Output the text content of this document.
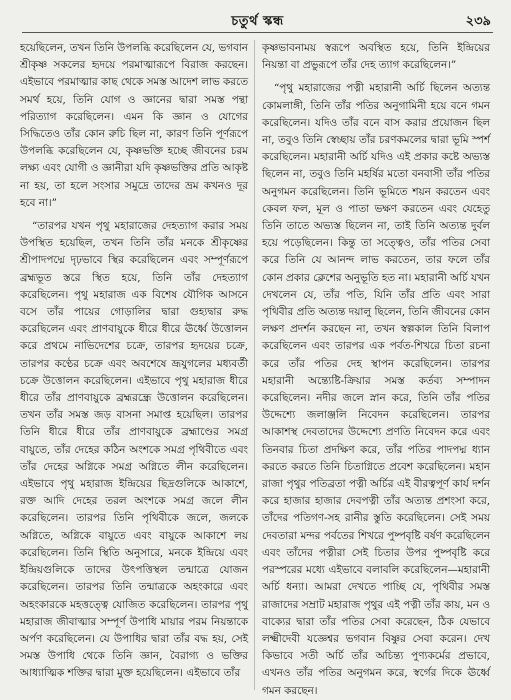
চতুর্থ স্কন্ধ	২৩৯

হয়েছিলেন, তখন তিনি উপলব্ধি করেছিলেন যে, ভগবান শ্রীকৃষ্ণ সকলের হৃদয়ে পরমাত্মারূপে বিরাজ করছেন। এইভাবে পরমাত্মার কাছ থেকে সমস্ত আদেশ লাভ করতে সমর্থ হয়ে, তিনি যোগ ও জ্ঞানের দ্বারা সমস্ত পন্থা পরিত্যাগ করেছিলেন। এমন কি জ্ঞান ও যোগের সিদ্ধিতেও তাঁর কোন রুচি ছিল না, কারণ তিনি পূর্ণরূপে উপলব্ধি করেছিলেন যে, কৃষ্ণভক্তি হচ্ছে জীবনের চরম লক্ষ্য এবং যোগী ও জ্ঞানীরা যদি কৃষ্ণভক্তির প্রতি আকৃষ্ট না হয়, তা হলে সংসার সমুদ্রে তাদের ভ্রম কখনও দূর হবে না।”

“তারপর যখন পৃথু মহারাজের দেহত্যাগ করার সময় উপস্থিত হয়েছিল, তখন তিনি তাঁর মনকে শ্রীকৃষ্ণের শ্রীপাদপদ্মে দৃঢ়ভাবে স্থির করেছিলেন এবং সম্পূর্ণরূপে ব্রহ্মভূত স্তরে স্থিত হয়ে, তিনি তাঁর দেহত্যাগ করেছিলেন। পৃথু মহারাজ এক বিশেষ যৌগিক আসনে বসে তাঁর পায়ের গোড়ালির দ্বারা গুহ্যদ্বার রুদ্ধ করেছিলেন এবং প্রাণবায়ুকে ধীরে ধীরে ঊর্ধ্বে উত্তোলন করে প্রথমে নাভিদেশের চক্রে, তারপর হৃদয়ের চক্রে, তারপর কণ্ঠের চক্রে এবং অবশেষে ভ্রূযুগলের মধ্যবর্তী চক্রে উত্তোলন করেছিলেন। এইভাবে পৃথু মহারাজ ধীরে ধীরে তাঁর প্রাণবায়ুকে ব্রহ্মরন্ধ্রে উত্তোলন করেছিলেন। তখন তাঁর সমস্ত জড় বাসনা সমাপ্ত হয়েছিল। তারপর তিনি ধীরে ধীরে তাঁর প্রাণবায়ুকে ব্রহ্মাণ্ডের সমগ্র বায়ুতে, তাঁর দেহের কঠিন অংশকে সমগ্র পৃথিবীতে এবং তাঁর দেহের অগ্নিকে সমগ্র অগ্নিতে লীন করেছিলেন। এইভাবে পৃথু মহারাজ ইন্দ্রিয়ের ছিদ্রগুলিকে আকাশে, রক্ত আদি দেহের তরল অংশকে সমগ্র জলে লীন করেছিলেন। তারপর তিনি পৃথিবীকে জলে, জলকে অগ্নিতে, অগ্নিকে বায়ুতে এবং বায়ুকে আকাশে লয় করেছিলেন। তিনি স্থিতি অনুসারে, মনকে ইন্দ্রিয়ে এবং ইন্দ্রিয়গুলিকে তাদের উৎপত্তিস্থল তন্মাত্রে যোজন করেছিলেন। তারপর তিনি তন্মাত্রকে অহংকারে এবং অহংকারকে মহত্তত্ত্বে যোজিত করেছিলেন। তারপর পৃথু মহারাজ জীবাত্মার সম্পূর্ণ উপাধি মায়ার পরম নিয়ন্তাকে অর্পণ করেছিলেন। যে উপাধির দ্বারা তাঁর বদ্ধ হয়, সেই সমস্ত উপাধি থেকে তিনি জ্ঞান, বৈরাগ্য ও ভক্তির আধ্যাত্মিক শক্তির দ্বারা মুক্ত হয়েছিলেন। এইভাবে তাঁর

কৃষ্ণভাবনাময় স্বরূপে অবস্থিত হয়ে, তিনি ইন্দ্রিয়ের নিয়ন্তা বা প্রভুরূপে তাঁর দেহ ত্যাগ করেছিলেন।”

“পৃথু মহারাজের পত্নী মহারানী অর্চি ছিলেন অত্যন্ত কোমলাঙ্গী, তিনি তাঁর পতির অনুগামিনী হয়ে বনে গমন করেছিলেন। যদিও তাঁর বনে বাস করার প্রয়োজন ছিল না, তবুও তিনি স্বেচ্ছায় তাঁর চরণকমলের দ্বারা ভূমি স্পর্শ করেছিলেন। মহারানী অর্চি যদিও এই প্রকার কষ্টে অভ্যস্ত ছিলেন না, তবুও তিনি মহর্ষির মতো বনবাসী তাঁর পতির অনুগমন করেছিলেন। তিনি ভূমিতে শয়ন করতেন এবং কেবল ফল, মূল ও পাতা ভক্ষণ করতেন এবং যেহেতু তিনি তাতে অভ্যস্ত ছিলেন না, তাই তিনি অত্যন্ত দুর্বল হয়ে পড়েছিলেন। কিন্তু তা সত্ত্বেও, তাঁর পতির সেবা করে তিনি যে আনন্দ লাভ করতেন, তার ফলে তাঁর কোন প্রকার ক্লেশের অনুভূতি হত না। মহারানী অর্চি যখন দেখলেন যে, তাঁর পতি, যিনি তাঁর প্রতি এবং সারা পৃথিবীর প্রতি অত্যন্ত দয়ালু ছিলেন, তিনি জীবনের কোন লক্ষণ প্রদর্শন করছেন না, তখন স্বল্পকাল তিনি বিলাপ করেছিলেন এবং তারপর এক পর্বত-শিখরে চিতা রচনা করে তাঁর পতির দেহ স্থাপন করেছিলেন। তারপর মহারানী অন্ত্যেষ্টি-ক্রিয়ার সমস্ত কর্তব্য সম্পাদন করেছিলেন। নদীর জলে স্নান করে, তিনি তাঁর পতির উদ্দেশ্যে জলাঞ্জলি নিবেদন করেছিলেন। তারপর আকাশস্থ দেবতাদের উদ্দেশ্যে প্রণতি নিবেদন করে এবং তিনবার চিতা প্রদক্ষিণ করে, তাঁর পতির পাদপদ্ম ধ্যান করতে করতে তিনি চিতাগ্নিতে প্রবেশ করেছিলেন। মহান রাজা পৃথুর পতিব্রতা পত্নী অর্চির এই বীরত্বপূর্ণ কার্য দর্শন করে হাজার হাজার দেবপত্নী তাঁর অত্যন্ত প্রশংসা করে, তাঁদের পতিগণ-সহ রানীর স্তুতি করেছিলেন। সেই সময় দেবতারা মন্দর পর্বতের শিখরে পুষ্পবৃষ্টি বর্ষণ করেছিলেন এবং তাঁদের পত্নীরা সেই চিতার উপর পুষ্পবৃষ্টি করে পরস্পরের মধ্যে এইভাবে বলাবলি করেছিলেন—মহারানী অর্চি ধন্যা। আমরা দেখতে পাচ্ছি যে, পৃথিবীর সমস্ত রাজাদের সম্রাট মহারাজ পৃথুর এই পত্নী তাঁর কায়, মন ও বাক্যের দ্বারা তাঁর পতির সেবা করেছেন, ঠিক যেভাবে লক্ষ্মীদেবী যজ্ঞেশ্বর ভগবান বিষ্ণুর সেবা করেন। দেখ কিভাবে সতী অর্চি তাঁর অচিন্ত্য পুণ্যকর্মের প্রভাবে, এখনও তাঁর পতির অনুগমন করে, স্বর্গের দিকে ঊর্ধ্বে গমন করছেন।
